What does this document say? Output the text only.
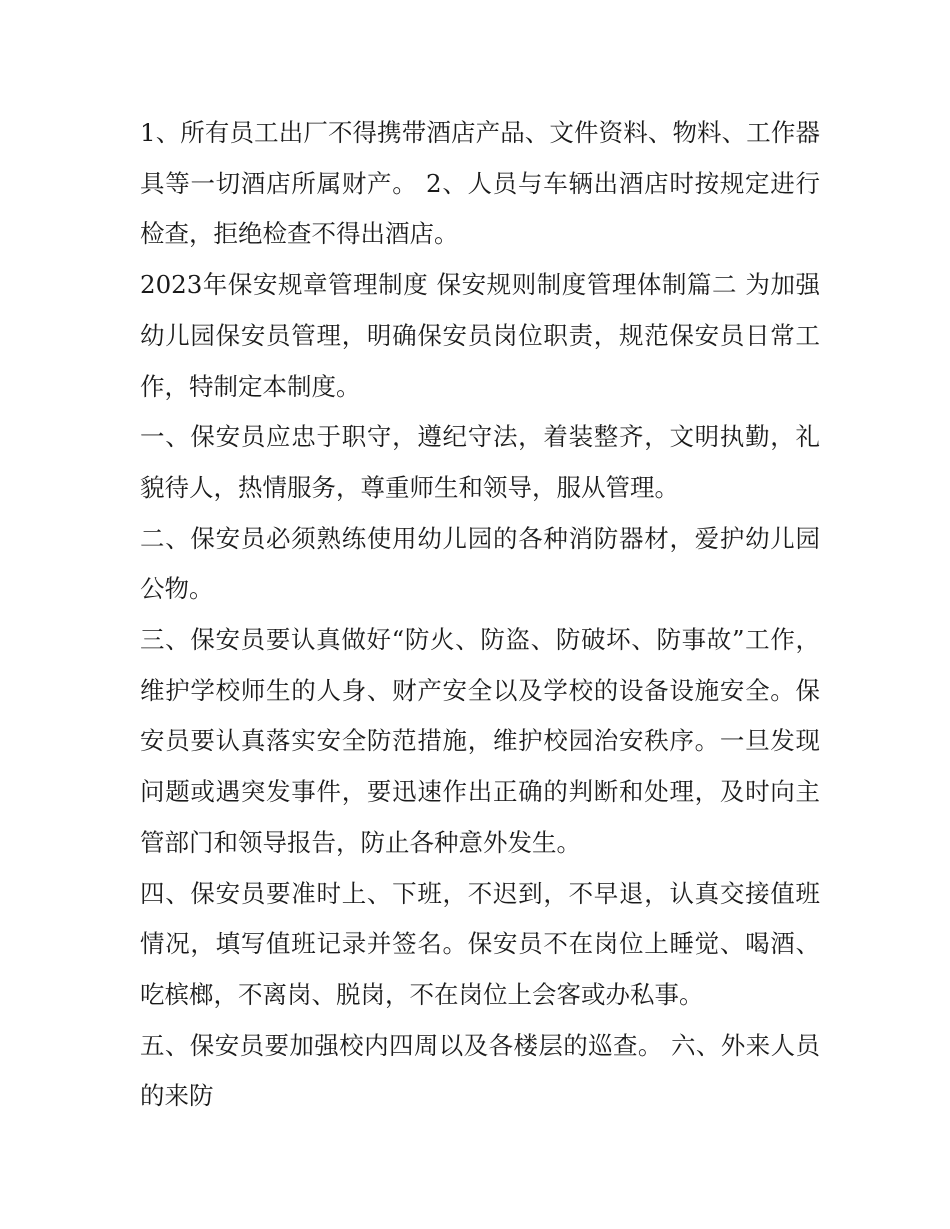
1、所有员工出厂不得携带酒店产品、文件资料、物料、工作器具等一切酒店所属财产。 2、人员与车辆出酒店时按规定进行检查，拒绝检查不得出酒店。

2023年保安规章管理制度 保安规则制度管理体制篇二 为加强幼儿园保安员管理，明确保安员岗位职责，规范保安员日常工作，特制定本制度。

一、保安员应忠于职守，遵纪守法，着装整齐，文明执勤，礼貌待人，热情服务，尊重师生和领导，服从管理。

二、保安员必须熟练使用幼儿园的各种消防器材，爱护幼儿园公物。

三、保安员要认真做好“防火、防盗、防破坏、防事故”工作，维护学校师生的人身、财产安全以及学校的设备设施安全。保安员要认真落实安全防范措施，维护校园治安秩序。一旦发现问题或遇突发事件，要迅速作出正确的判断和处理，及时向主管部门和领导报告，防止各种意外发生。

四、保安员要准时上、下班，不迟到，不早退，认真交接值班情况，填写值班记录并签名。保安员不在岗位上睡觉、喝酒、吃槟榔，不离岗、脱岗，不在岗位上会客或办私事。

五、保安员要加强校内四周以及各楼层的巡查。 六、外来人员的来防
